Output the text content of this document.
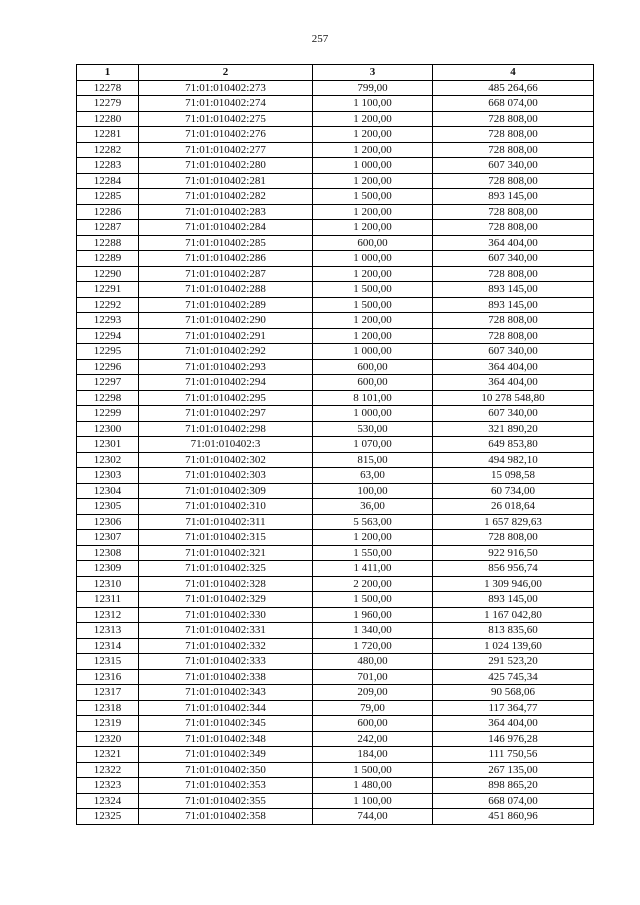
257
1	2	3	4
12278	71:01:010402:273	799,00	485 264,66
12279	71:01:010402:274	1 100,00	668 074,00
12280	71:01:010402:275	1 200,00	728 808,00
12281	71:01:010402:276	1 200,00	728 808,00
12282	71:01:010402:277	1 200,00	728 808,00
12283	71:01:010402:280	1 000,00	607 340,00
12284	71:01:010402:281	1 200,00	728 808,00
12285	71:01:010402:282	1 500,00	893 145,00
12286	71:01:010402:283	1 200,00	728 808,00
12287	71:01:010402:284	1 200,00	728 808,00
12288	71:01:010402:285	600,00	364 404,00
12289	71:01:010402:286	1 000,00	607 340,00
12290	71:01:010402:287	1 200,00	728 808,00
12291	71:01:010402:288	1 500,00	893 145,00
12292	71:01:010402:289	1 500,00	893 145,00
12293	71:01:010402:290	1 200,00	728 808,00
12294	71:01:010402:291	1 200,00	728 808,00
12295	71:01:010402:292	1 000,00	607 340,00
12296	71:01:010402:293	600,00	364 404,00
12297	71:01:010402:294	600,00	364 404,00
12298	71:01:010402:295	8 101,00	10 278 548,80
12299	71:01:010402:297	1 000,00	607 340,00
12300	71:01:010402:298	530,00	321 890,20
12301	71:01:010402:3	1 070,00	649 853,80
12302	71:01:010402:302	815,00	494 982,10
12303	71:01:010402:303	63,00	15 098,58
12304	71:01:010402:309	100,00	60 734,00
12305	71:01:010402:310	36,00	26 018,64
12306	71:01:010402:311	5 563,00	1 657 829,63
12307	71:01:010402:315	1 200,00	728 808,00
12308	71:01:010402:321	1 550,00	922 916,50
12309	71:01:010402:325	1 411,00	856 956,74
12310	71:01:010402:328	2 200,00	1 309 946,00
12311	71:01:010402:329	1 500,00	893 145,00
12312	71:01:010402:330	1 960,00	1 167 042,80
12313	71:01:010402:331	1 340,00	813 835,60
12314	71:01:010402:332	1 720,00	1 024 139,60
12315	71:01:010402:333	480,00	291 523,20
12316	71:01:010402:338	701,00	425 745,34
12317	71:01:010402:343	209,00	90 568,06
12318	71:01:010402:344	79,00	117 364,77
12319	71:01:010402:345	600,00	364 404,00
12320	71:01:010402:348	242,00	146 976,28
12321	71:01:010402:349	184,00	111 750,56
12322	71:01:010402:350	1 500,00	267 135,00
12323	71:01:010402:353	1 480,00	898 865,20
12324	71:01:010402:355	1 100,00	668 074,00
12325	71:01:010402:358	744,00	451 860,96
